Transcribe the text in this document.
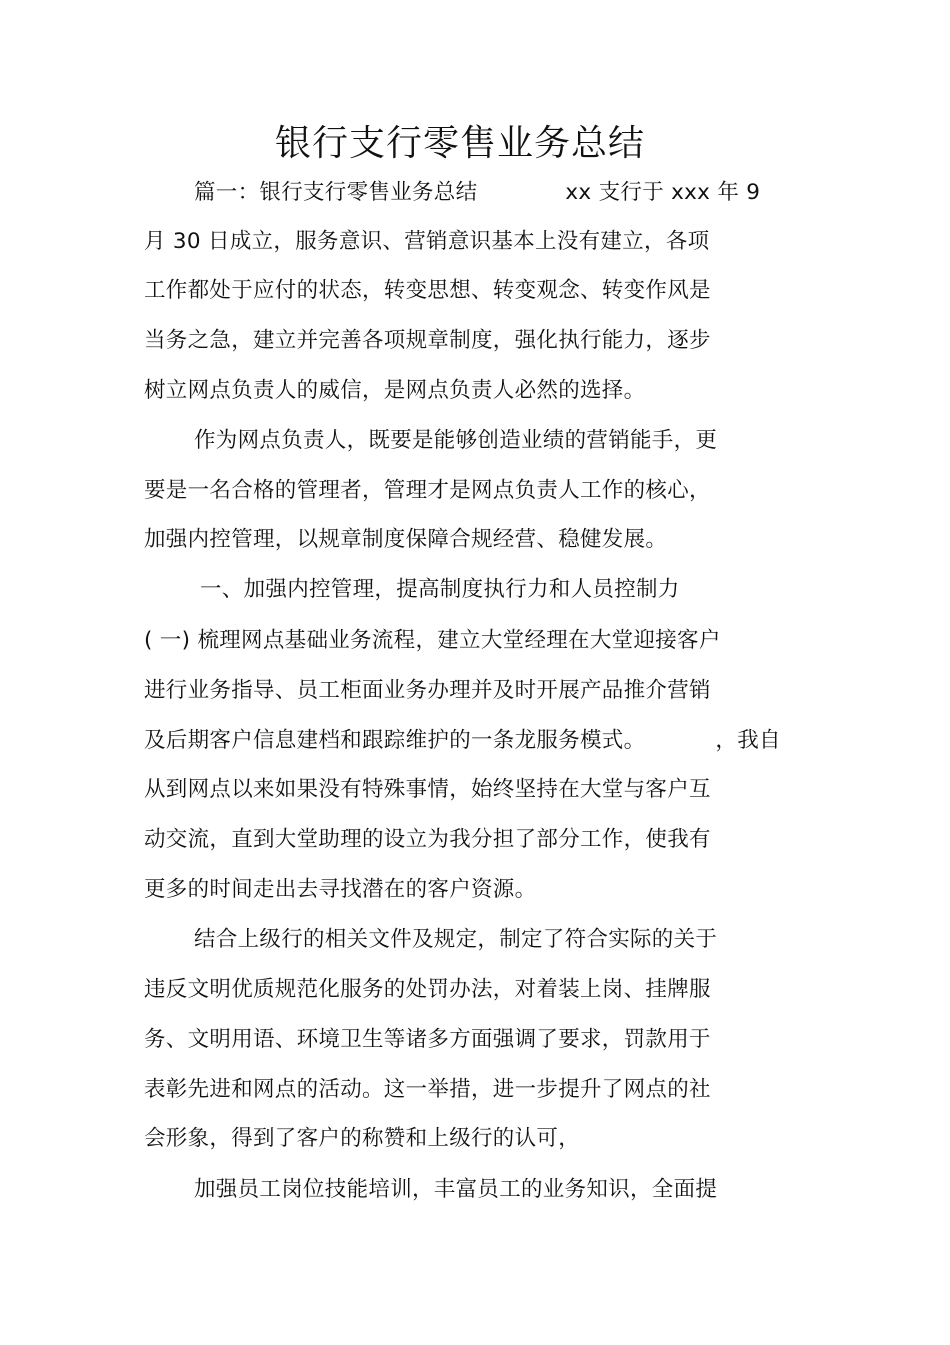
银行支行零售业务总结
篇一：银行支行零售业务总结	xx 支行于 xxx 年 9
月 30 日成立，服务意识、营销意识基本上没有建立，各项
工作都处于应付的状态，转变思想、转变观念、转变作风是
当务之急，建立并完善各项规章制度，强化执行能力，逐步
树立网点负责人的威信，是网点负责人必然的选择。
作为网点负责人，既要是能够创造业绩的营销能手，更
要是一名合格的管理者，管理才是网点负责人工作的核心，
加强内控管理，以规章制度保障合规经营、稳健发展。
一、加强内控管理，提高制度执行力和人员控制力
( 一) 梳理网点基础业务流程，建立大堂经理在大堂迎接客户
进行业务指导、员工柜面业务办理并及时开展产品推介营销
及后期客户信息建档和跟踪维护的一条龙服务模式。	，我自
从到网点以来如果没有特殊事情，始终坚持在大堂与客户互
动交流，直到大堂助理的设立为我分担了部分工作，使我有
更多的时间走出去寻找潜在的客户资源。
结合上级行的相关文件及规定，制定了符合实际的关于
违反文明优质规范化服务的处罚办法，对着装上岗、挂牌服
务、文明用语、环境卫生等诸多方面强调了要求，罚款用于
表彰先进和网点的活动。这一举措，进一步提升了网点的社
会形象，得到了客户的称赞和上级行的认可，
加强员工岗位技能培训，丰富员工的业务知识，全面提
